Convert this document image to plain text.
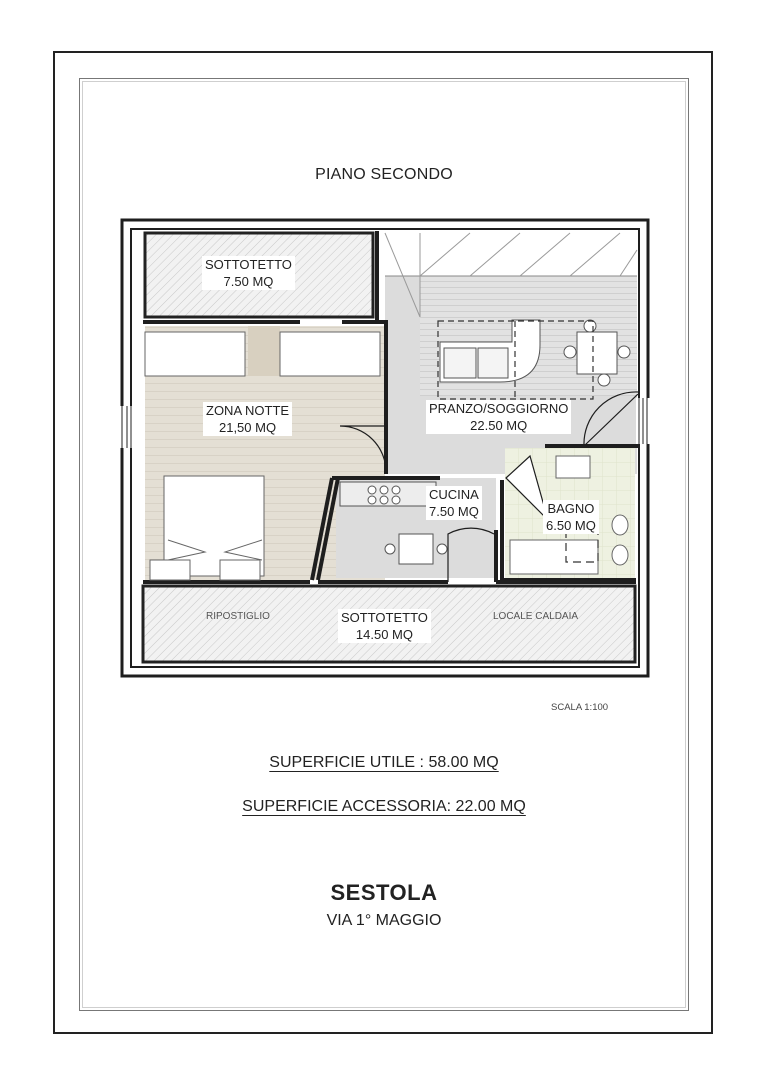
PIANO SECONDO
SOTTOTETTO
7.50 MQ
ZONA NOTTE
21,50 MQ
PRANZO/SOGGIORNO
22.50 MQ
CUCINA
7.50 MQ	BAGNO
6.50 MQ
SOTTOTETTO
14.50 MQ
RIPOSTIGLIO	LOCALE CALDAIA
SCALA 1:100
SUPERFICIE UTILE : 58.00 MQ
SUPERFICIE ACCESSORIA: 22.00 MQ
SESTOLA
VIA 1° MAGGIO
